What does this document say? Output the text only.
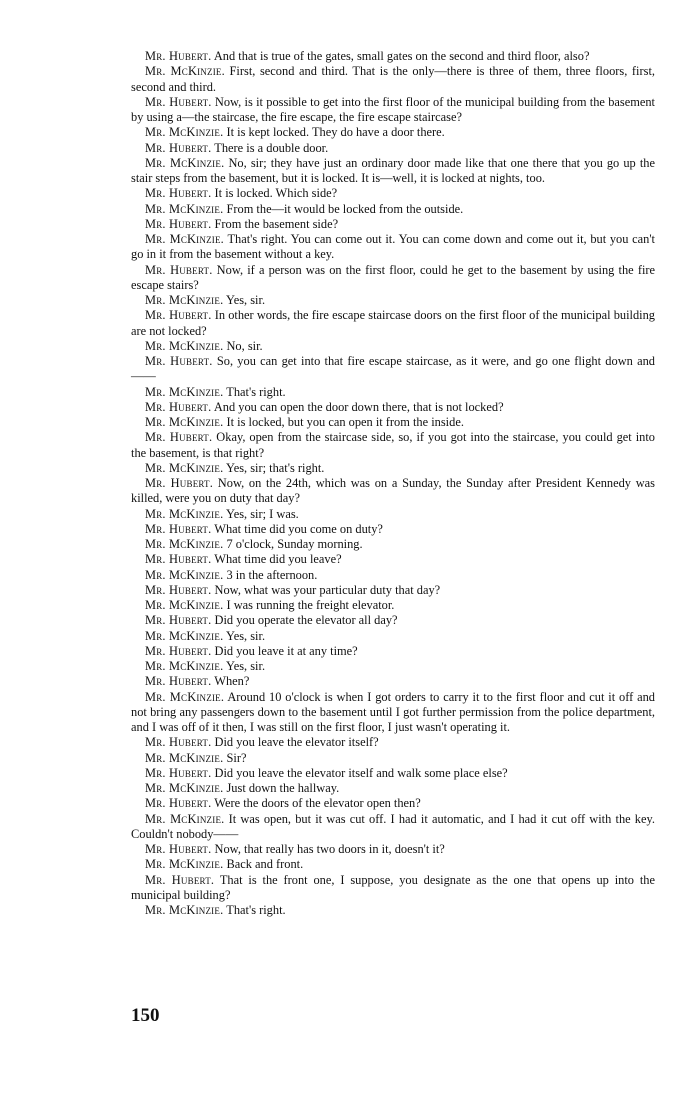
Mr. Hubert. And that is true of the gates, small gates on the second and third floor, also?

Mr. McKinzie. First, second and third. That is the only—there is three of them, three floors, first, second and third.

Mr. Hubert. Now, is it possible to get into the first floor of the municipal building from the basement by using a—the staircase, the fire escape, the fire escape staircase?

Mr. McKinzie. It is kept locked. They do have a door there.

Mr. Hubert. There is a double door.

Mr. McKinzie. No, sir; they have just an ordinary door made like that one there that you go up the stair steps from the basement, but it is locked. It is—well, it is locked at nights, too.

Mr. Hubert. It is locked. Which side?

Mr. McKinzie. From the—it would be locked from the outside.

Mr. Hubert. From the basement side?

Mr. McKinzie. That's right. You can come out it. You can come down and come out it, but you can't go in it from the basement without a key.

Mr. Hubert. Now, if a person was on the first floor, could he get to the basement by using the fire escape stairs?

Mr. McKinzie. Yes, sir.

Mr. Hubert. In other words, the fire escape staircase doors on the first floor of the municipal building are not locked?

Mr. McKinzie. No, sir.

Mr. Hubert. So, you can get into that fire escape staircase, as it were, and go one flight down and——

Mr. McKinzie. That's right.

Mr. Hubert. And you can open the door down there, that is not locked?

Mr. McKinzie. It is locked, but you can open it from the inside.

Mr. Hubert. Okay, open from the staircase side, so, if you got into the staircase, you could get into the basement, is that right?

Mr. McKinzie. Yes, sir; that's right.

Mr. Hubert. Now, on the 24th, which was on a Sunday, the Sunday after President Kennedy was killed, were you on duty that day?

Mr. McKinzie. Yes, sir; I was.

Mr. Hubert. What time did you come on duty?

Mr. McKinzie. 7 o'clock, Sunday morning.

Mr. Hubert. What time did you leave?

Mr. McKinzie. 3 in the afternoon.

Mr. Hubert. Now, what was your particular duty that day?

Mr. McKinzie. I was running the freight elevator.

Mr. Hubert. Did you operate the elevator all day?

Mr. McKinzie. Yes, sir.

Mr. Hubert. Did you leave it at any time?

Mr. McKinzie. Yes, sir.

Mr. Hubert. When?

Mr. McKinzie. Around 10 o'clock is when I got orders to carry it to the first floor and cut it off and not bring any passengers down to the basement until I got further permission from the police department, and I was off of it then, I was still on the first floor, I just wasn't operating it.

Mr. Hubert. Did you leave the elevator itself?

Mr. McKinzie. Sir?

Mr. Hubert. Did you leave the elevator itself and walk some place else?

Mr. McKinzie. Just down the hallway.

Mr. Hubert. Were the doors of the elevator open then?

Mr. McKinzie. It was open, but it was cut off. I had it automatic, and I had it cut off with the key. Couldn't nobody——

Mr. Hubert. Now, that really has two doors in it, doesn't it?

Mr. McKinzie. Back and front.

Mr. Hubert. That is the front one, I suppose, you designate as the one that opens up into the municipal building?

Mr. McKinzie. That's right.

150
